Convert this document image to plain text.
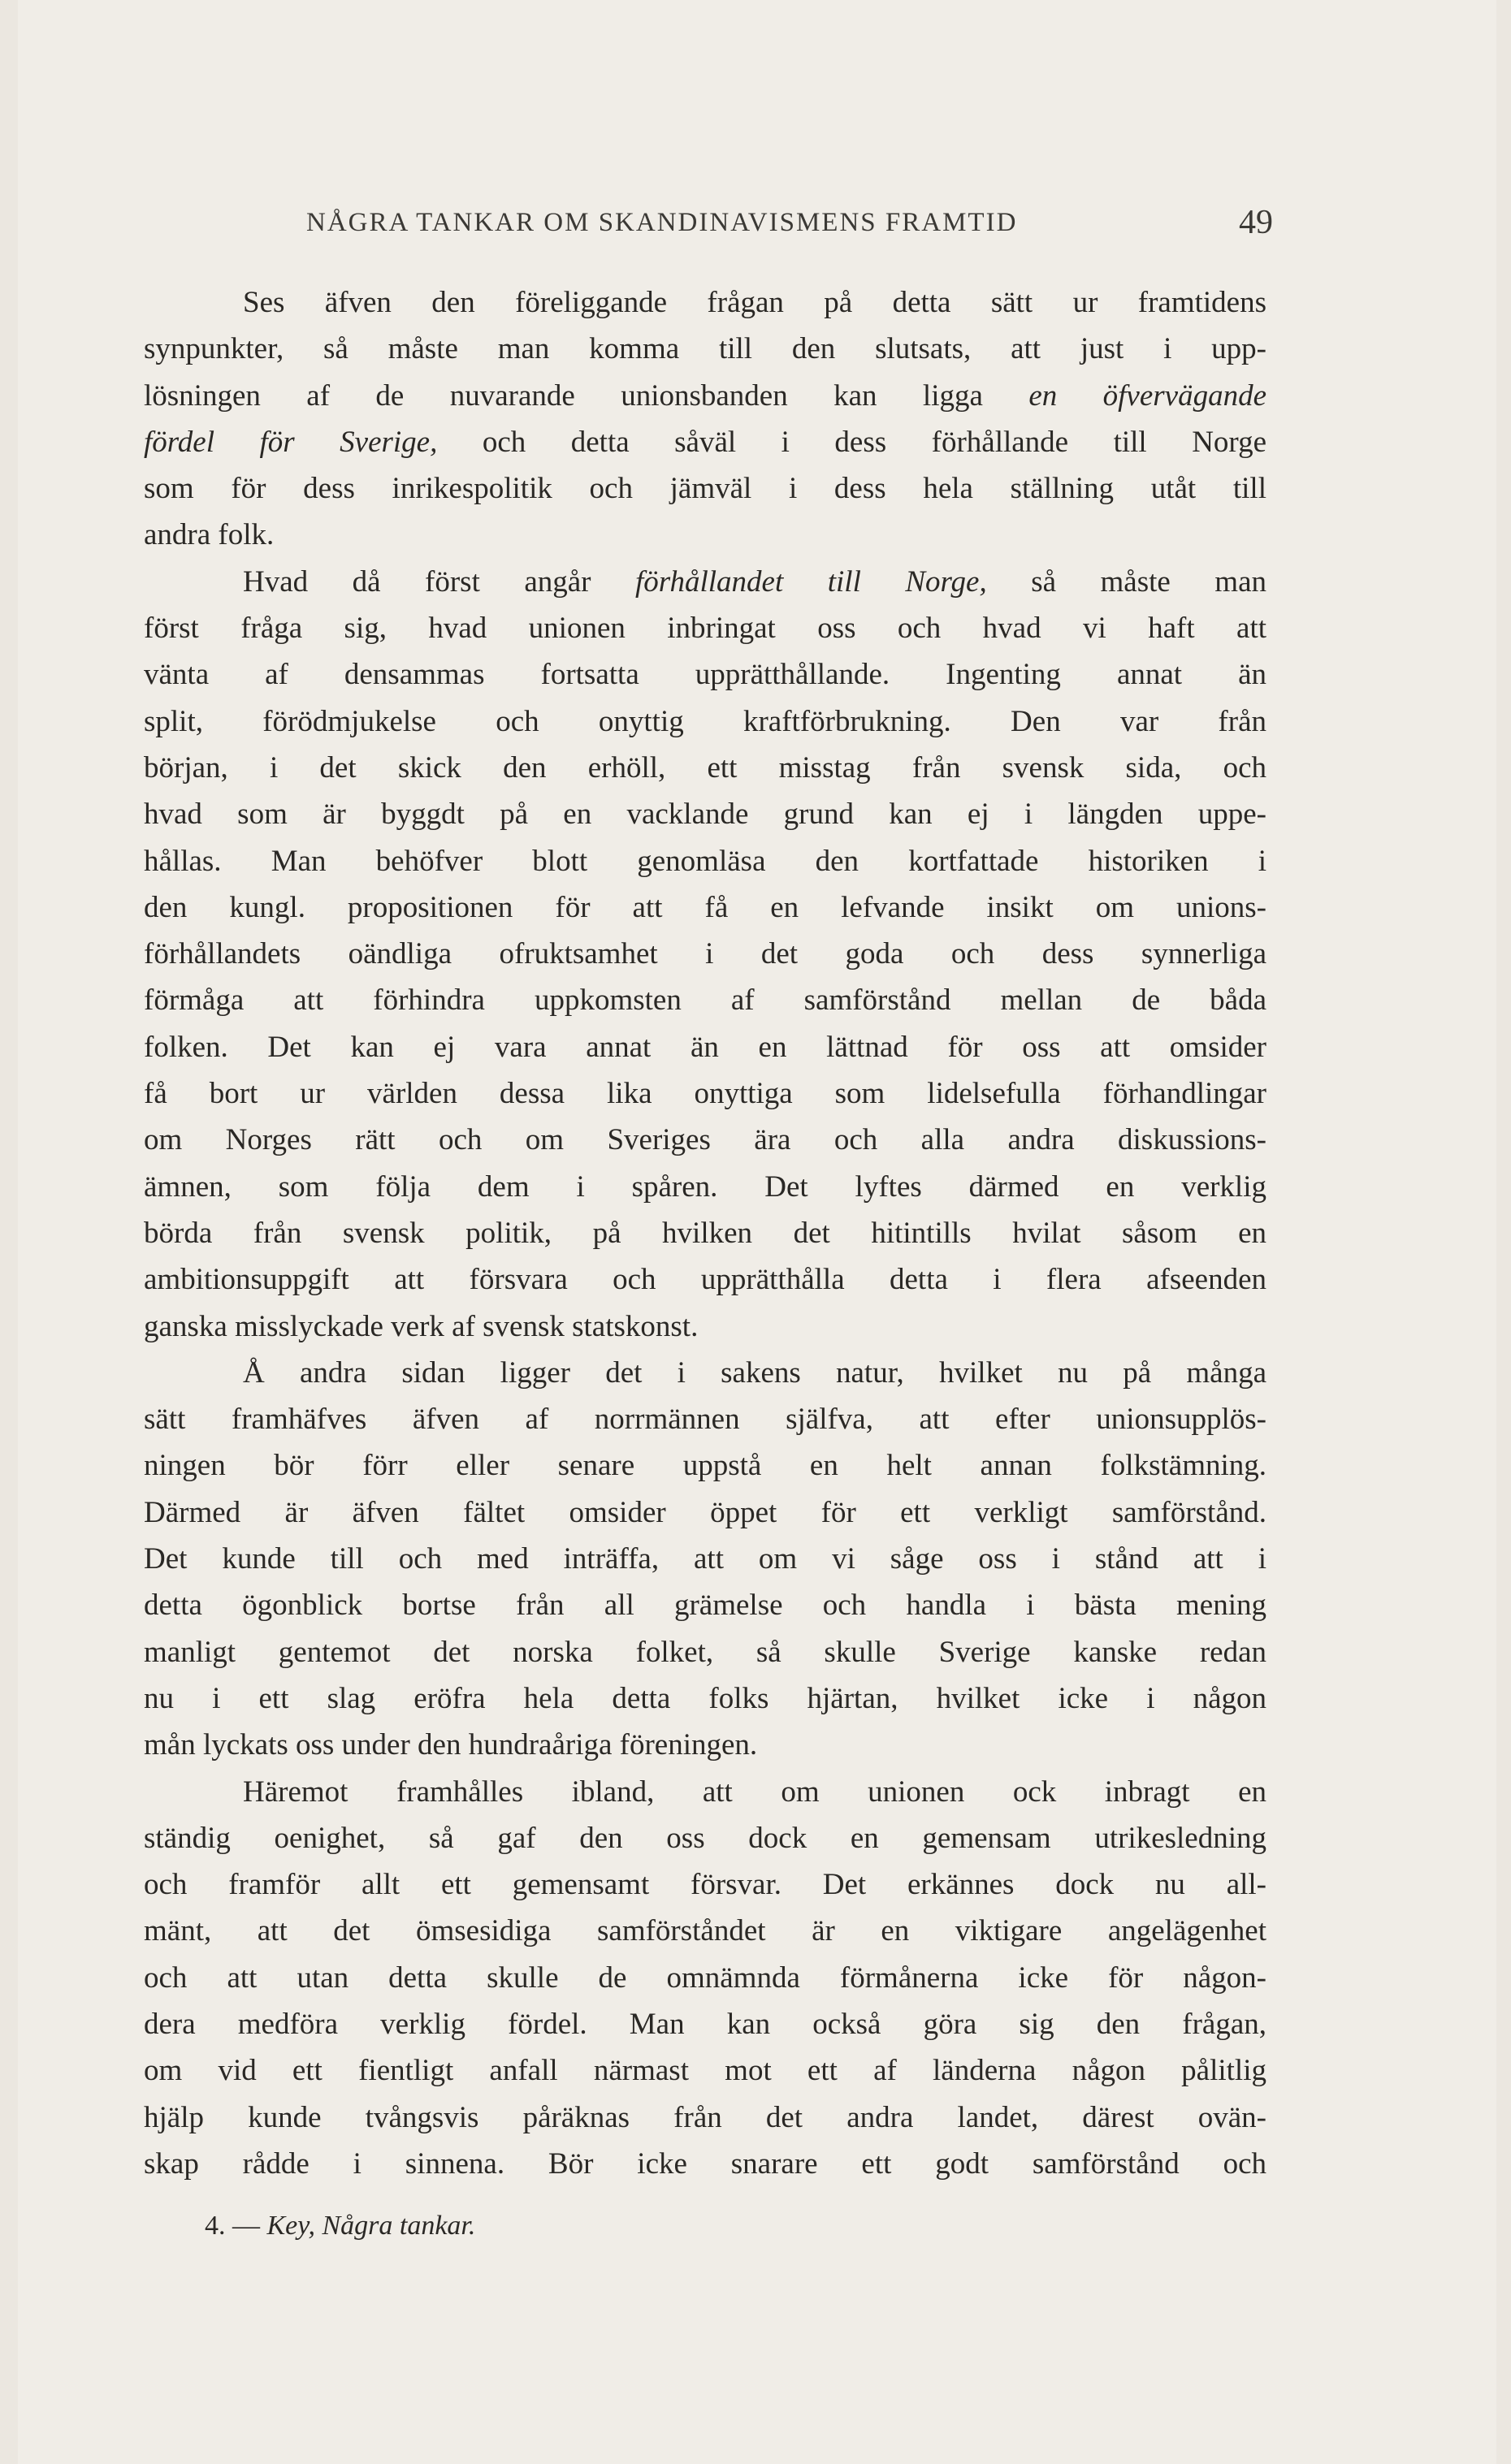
NÅGRA TANKAR OM SKANDINAVISMENS FRAMTID	49
Ses äfven den föreliggande frågan på detta sätt ur framtidens
synpunkter, så måste man komma till den slutsats, att just i upp-
lösningen af de nuvarande unionsbanden kan ligga en öfvervägande
fördel för Sverige, och detta såväl i dess förhållande till Norge
som för dess inrikespolitik och jämväl i dess hela ställning utåt till
andra folk.
Hvad då först angår förhållandet till Norge, så måste man
först fråga sig, hvad unionen inbringat oss och hvad vi haft att
vänta af densammas fortsatta upprätthållande. Ingenting annat än
split, förödmjukelse och onyttig kraftförbrukning. Den var från
början, i det skick den erhöll, ett misstag från svensk sida, och
hvad som är byggdt på en vacklande grund kan ej i längden uppe-
hållas. Man behöfver blott genomläsa den kortfattade historiken i
den kungl. propositionen för att få en lefvande insikt om unions-
förhållandets oändliga ofruktsamhet i det goda och dess synnerliga
förmåga att förhindra uppkomsten af samförstånd mellan de båda
folken. Det kan ej vara annat än en lättnad för oss att omsider
få bort ur världen dessa lika onyttiga som lidelsefulla förhandlingar
om Norges rätt och om Sveriges ära och alla andra diskussions-
ämnen, som följa dem i spåren. Det lyftes därmed en verklig
börda från svensk politik, på hvilken det hitintills hvilat såsom en
ambitionsuppgift att försvara och upprätthålla detta i flera afseenden
ganska misslyckade verk af svensk statskonst.
Å andra sidan ligger det i sakens natur, hvilket nu på många
sätt framhäfves äfven af norrmännen själfva, att efter unionsupplös-
ningen bör förr eller senare uppstå en helt annan folkstämning.
Därmed är äfven fältet omsider öppet för ett verkligt samförstånd.
Det kunde till och med inträffa, att om vi såge oss i stånd att i
detta ögonblick bortse från all grämelse och handla i bästa mening
manligt gentemot det norska folket, så skulle Sverige kanske redan
nu i ett slag eröfra hela detta folks hjärtan, hvilket icke i någon
mån lyckats oss under den hundraåriga föreningen.
Häremot framhålles ibland, att om unionen ock inbragt en
ständig oenighet, så gaf den oss dock en gemensam utrikesledning
och framför allt ett gemensamt försvar. Det erkännes dock nu all-
mänt, att det ömsesidiga samförståndet är en viktigare angelägenhet
och att utan detta skulle de omnämnda förmånerna icke för någon-
dera medföra verklig fördel. Man kan också göra sig den frågan,
om vid ett fientligt anfall närmast mot ett af länderna någon pålitlig
hjälp kunde tvångsvis påräknas från det andra landet, därest ovän-
skap rådde i sinnena. Bör icke snarare ett godt samförstånd och
4. — Key, Några tankar.
